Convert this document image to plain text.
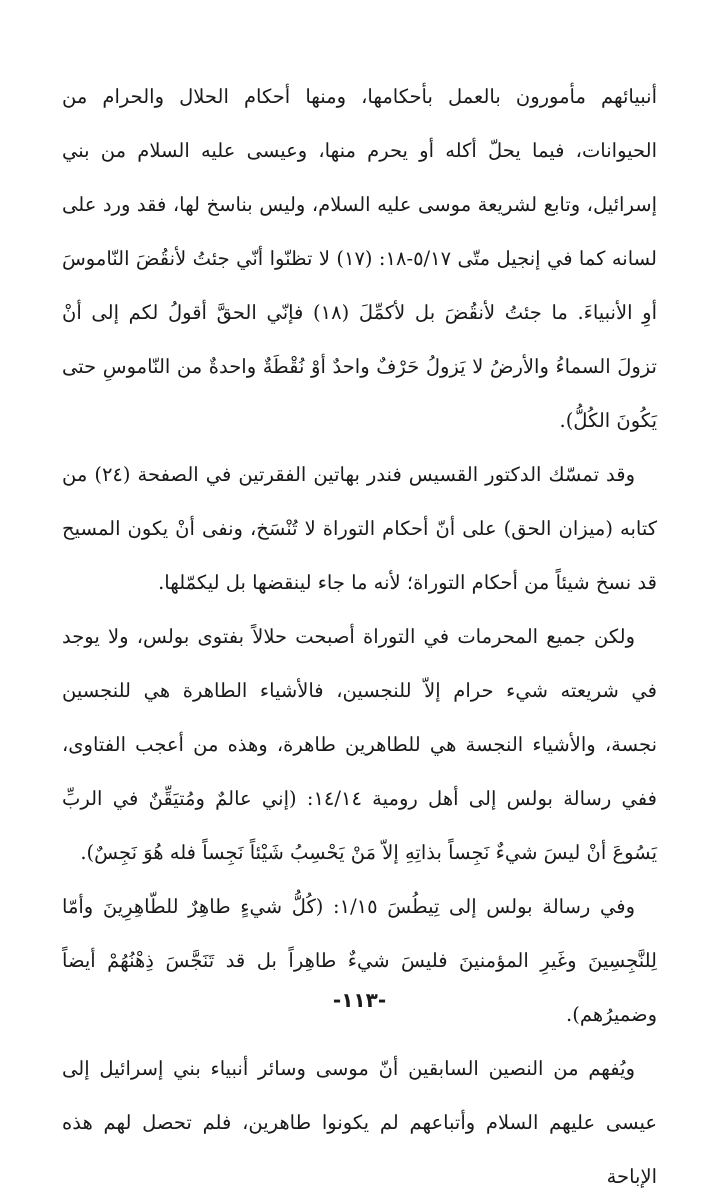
أنبيائهم مأمورون بالعمل بأحكامها، ومنها أحكام الحلال والحرام من الحيوانات، فيما يحلّ أكله أو يحرم منها، وعيسى عليه السلام من بني إسرائيل، وتابع لشريعة موسى عليه السلام، وليس بناسخ لها، فقد ورد على لسانه كما في إنجيل متّى ٥/١٧-١٨: (١٧) لا تظنّوا أنّي جئتُ لأنقُضَ النّاموسَ أوِ الأنبياءَ. ما جئتُ لأنقُضَ بل لأكمِّلَ (١٨) فإنّي الحقَّ أقولُ لكم إلى أنْ تزولَ السماءُ والأرضُ لا يَزولُ حَرْفٌ واحدٌ أوْ نُقْطَةٌ واحدةٌ من النّاموسِ حتى يَكُونَ الكُلُّ).

وقد تمسّك الدكتور القسيس فندر بهاتين الفقرتين في الصفحة (٢٤) من كتابه (ميزان الحق) على أنّ أحكام التوراة لا تُنْسَخ، ونفى أنْ يكون المسيح قد نسخ شيئاً من أحكام التوراة؛ لأنه ما جاء لينقضها بل ليكمّلها.

ولكن جميع المحرمات في التوراة أصبحت حلالاً بفتوى بولس، ولا يوجد في شريعته شيء حرام إلاّ للنجسين، فالأشياء الطاهرة هي للنجسين نجسة، والأشياء النجسة هي للطاهرين طاهرة، وهذه من أعجب الفتاوى، ففي رسالة بولس إلى أهل رومية ١٤/١٤: (إني عالمٌ ومُتيَقِّنٌ في الربِّ يَسُوعَ أنْ ليسَ شيءٌ نَجِساً بذاتِهِ إلاّ مَنْ يَحْسِبُ شَيْئاً نَجِساً فله هُوَ نَجِسٌ).

وفي رسالة بولس إلى تِيطُسَ ١/١٥: (كُلُّ شيءٍ طاهِرٌ للطّاهِرِينَ وأمّا لِلنَّجِسِينَ وغَيرِ المؤمنينَ فليسَ شيءٌ طاهِراً بل قد تَنَجَّسَ ذِهْنُهُمْ أيضاً وضميرُهم).

ويُفهم من النصين السابقين أنّ موسى وسائر أنبياء بني إسرائيل إلى عيسى عليهم السلام وأتباعهم لم يكونوا طاهرين، فلم تحصل لهم هذه الإباحة

-١١٣-
